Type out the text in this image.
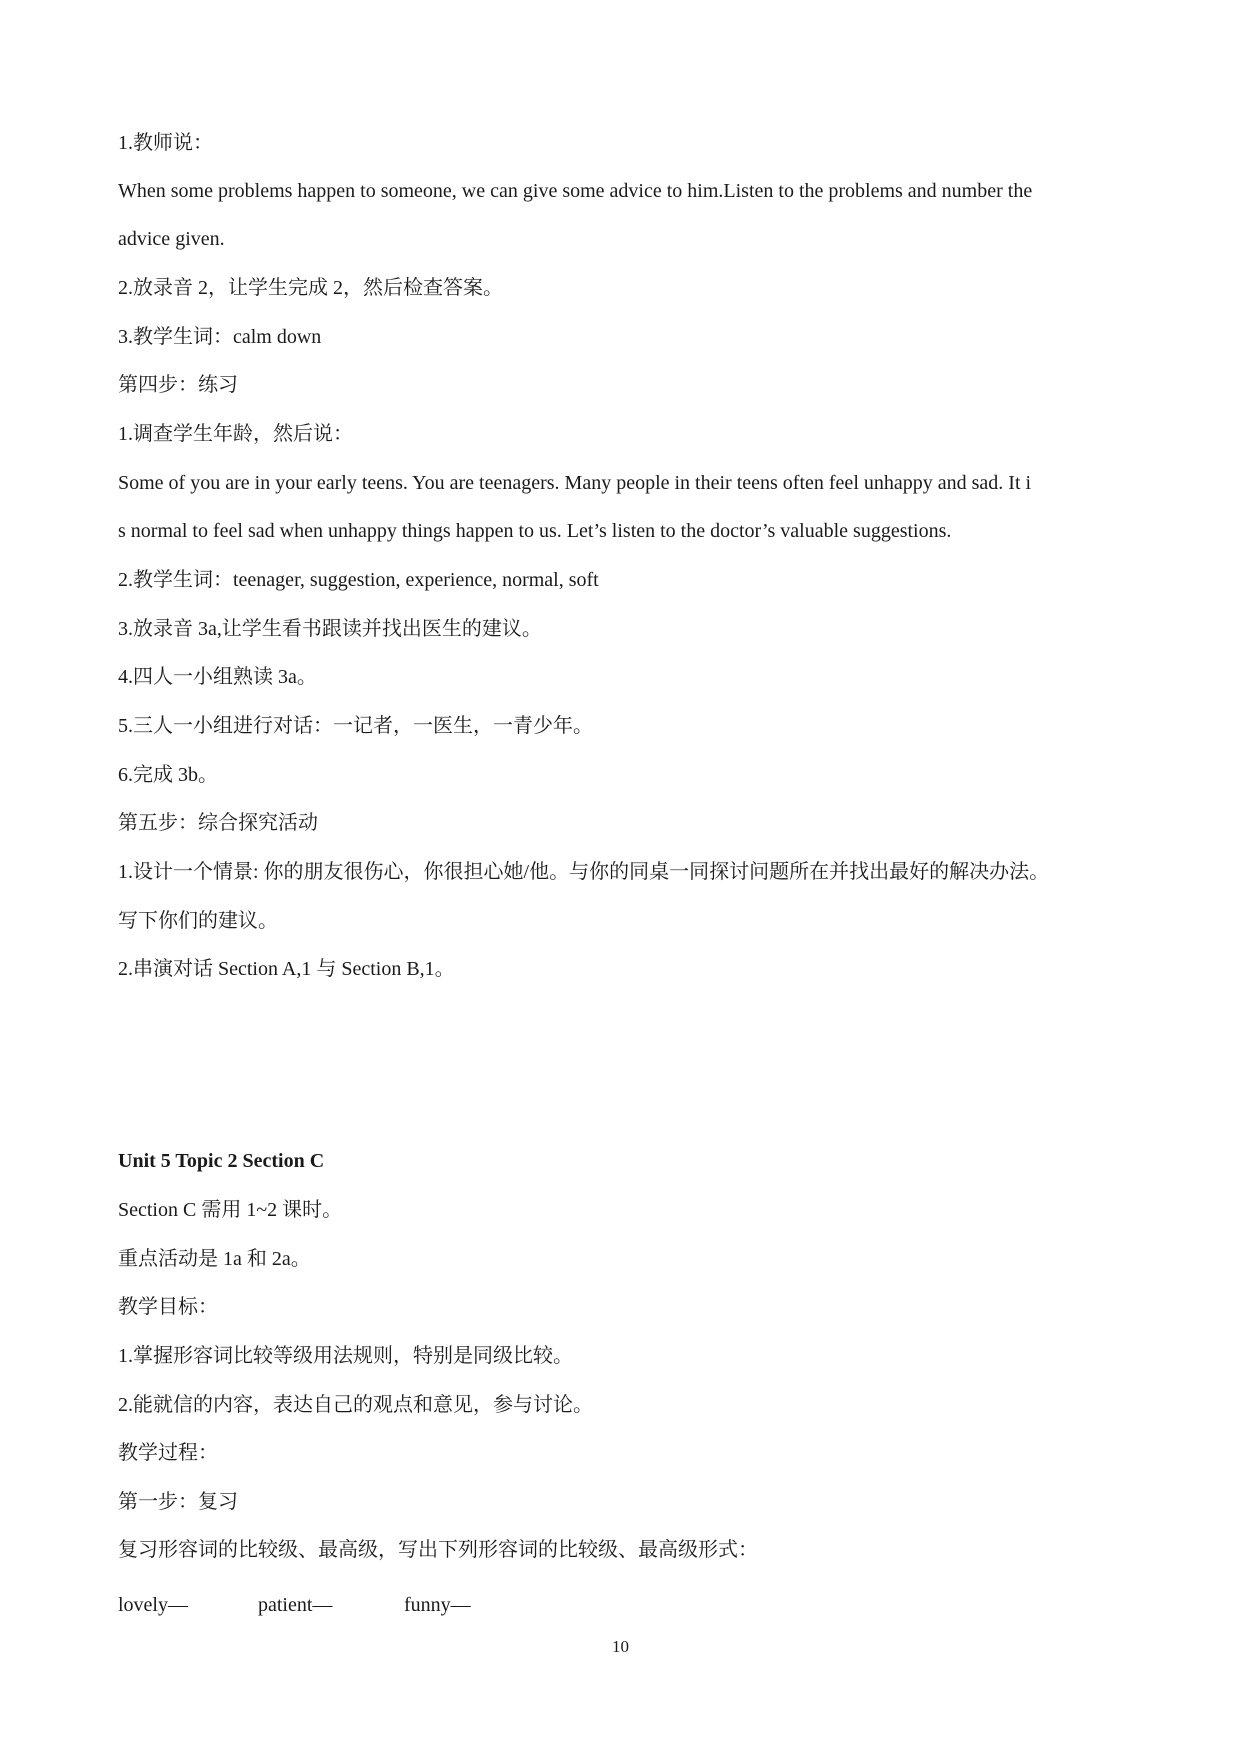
1.教师说：
When some problems happen to someone, we can give some advice to him.Listen to the problems and number the
advice given.
2.放录音 2，让学生完成 2，然后检查答案。
3.教学生词：calm down
第四步：练习
1.调查学生年龄，然后说：
Some of you are in your early teens. You are teenagers. Many people in their teens often feel unhappy and sad. It i
s normal to feel sad when unhappy things happen to us. Let’s listen to the doctor’s valuable suggestions.
2.教学生词：teenager, suggestion, experience, normal, soft
3.放录音 3a,让学生看书跟读并找出医生的建议。
4.四人一小组熟读 3a。
5.三人一小组进行对话：一记者，一医生，一青少年。
6.完成 3b。
第五步：综合探究活动
1.设计一个情景: 你的朋友很伤心，你很担心她/他。与你的同桌一同探讨问题所在并找出最好的解决办法。
写下你们的建议。
2.串演对话 Section A,1 与 Section B,1。
Unit 5 Topic 2 Section C
Section C 需用 1~2 课时。
重点活动是 1a 和 2a。
教学目标：
1.掌握形容词比较等级用法规则，特别是同级比较。
2.能就信的内容，表达自己的观点和意见，参与讨论。
教学过程：
第一步：复习
复习形容词的比较级、最高级，写出下列形容词的比较级、最高级形式：
lovely—	patient—	funny—
10
